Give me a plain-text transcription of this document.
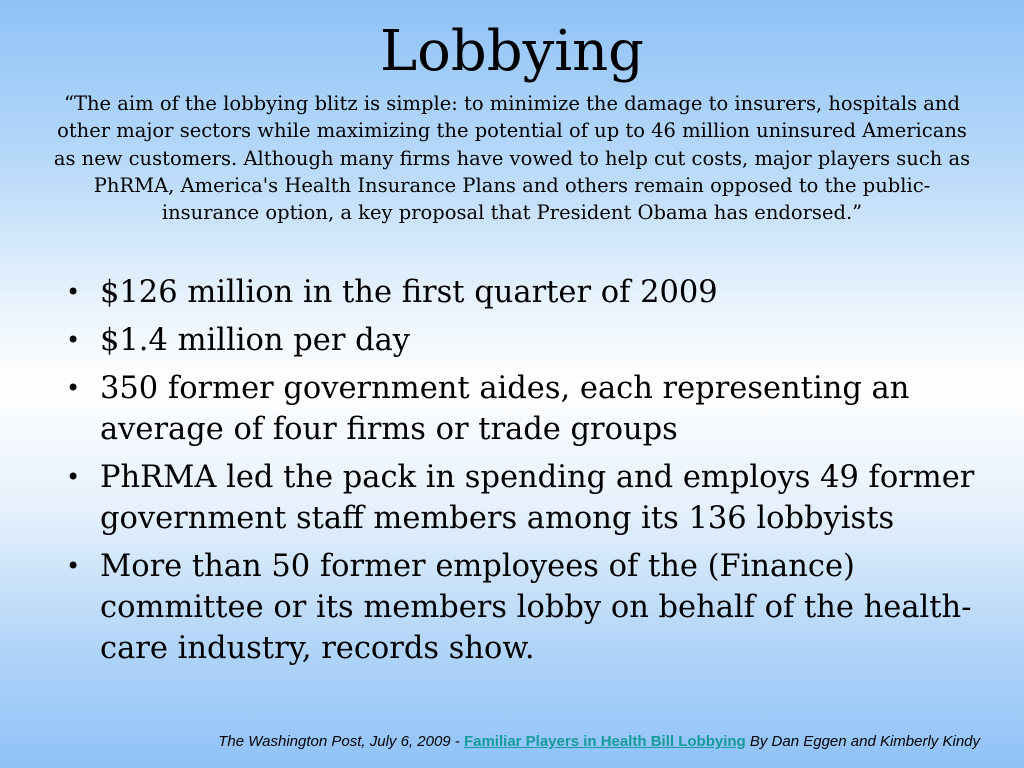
Lobbying

“The aim of the lobbying blitz is simple: to minimize the damage to insurers, hospitals and other major sectors while maximizing the potential of up to 46 million uninsured Americans as new customers. Although many firms have vowed to help cut costs, major players such as PhRMA, America's Health Insurance Plans and others remain opposed to the public-insurance option, a key proposal that President Obama has endorsed.”

• $126 million in the first quarter of 2009
• $1.4 million per day
• 350 former government aides, each representing an average of four firms or trade groups
• PhRMA led the pack in spending and employs 49 former government staff members among its 136 lobbyists
• More than 50 former employees of the (Finance) committee or its members lobby on behalf of the health-care industry, records show.
The Washington Post, July 6, 2009 - Familiar Players in Health Bill Lobbying By Dan Eggen and Kimberly Kindy
